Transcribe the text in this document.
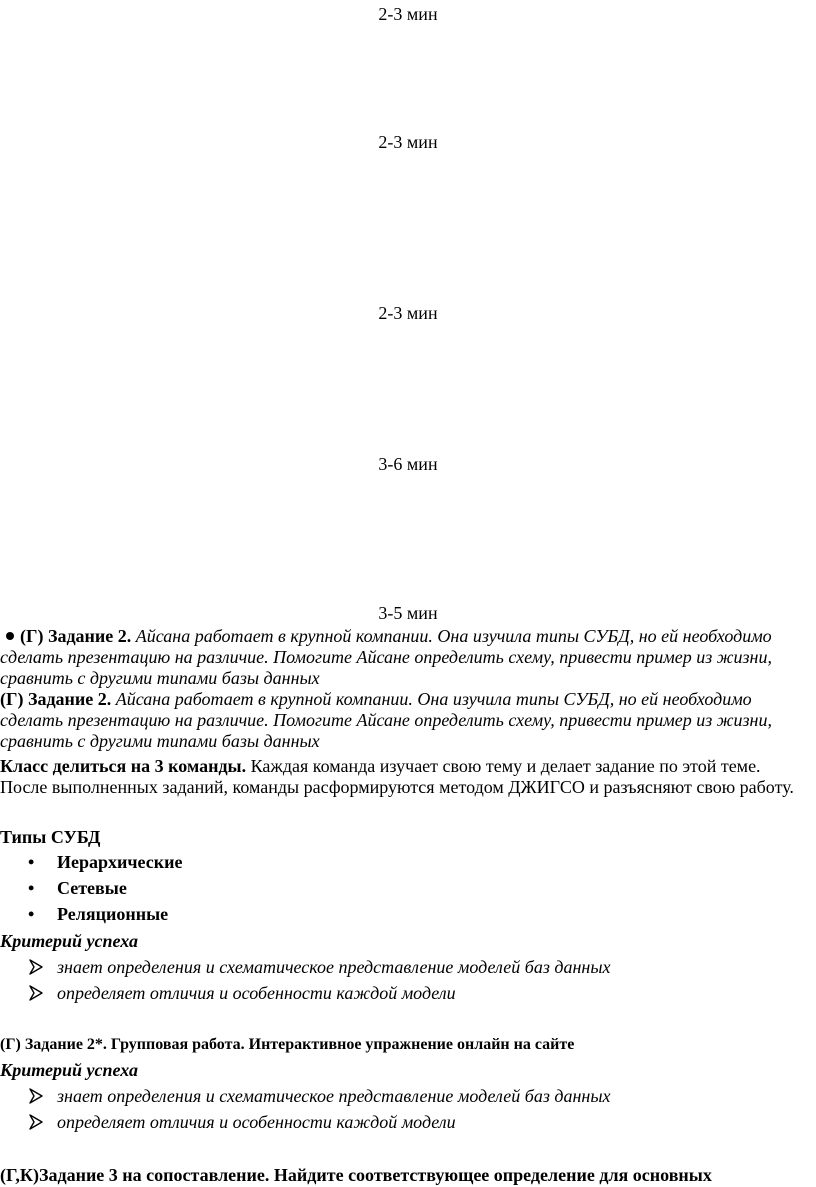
2-3 мин
2-3 мин
2-3 мин
3-6 мин
3-5 мин
(Г) Задание 2. Айсана работает в крупной компании. Она изучила типы СУБД, но ей необходимо сделать презентацию на различие. Помогите Айсане определить схему, привести пример из жизни, сравнить с другими типами базы данных
(Г) Задание 2. Айсана работает в крупной компании. Она изучила типы СУБД, но ей необходимо сделать презентацию на различие. Помогите Айсане определить схему, привести пример из жизни, сравнить с другими типами базы данных
Класс делиться на 3 команды. Каждая команда изучает свою тему и делает задание по этой теме. После выполненных заданий, команды расформируются методом ДЖИГСО и разъясняют свою работу.
Типы СУБД
• Иерархические
• Сетевые
• Реляционные
Критерий успеха
знает определения и схематическое представление моделей баз данных
определяет отличия и особенности каждой модели
(Г) Задание 2*. Групповая работа. Интерактивное упражнение онлайн на сайте
Критерий успеха
знает определения и схематическое представление моделей баз данных
определяет отличия и особенности каждой модели
(Г,К)Задание 3 на сопоставление. Найдите соответствующее определение для основных
